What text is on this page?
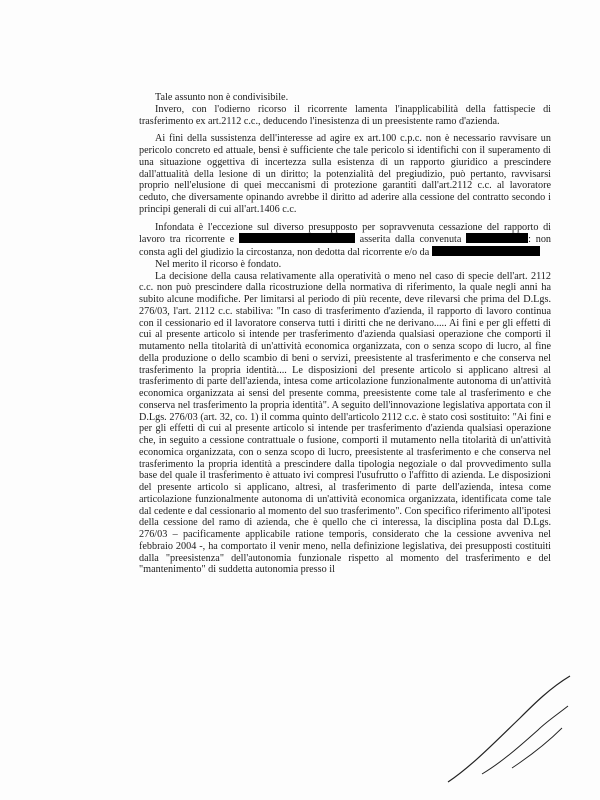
Tale assunto non è condivisibile.

Invero, con l'odierno ricorso il ricorrente lamenta l'inapplicabilità della fattispecie di trasferimento ex art.2112 c.c., deducendo l'inesistenza di un preesistente ramo d'azienda.

Ai fini della sussistenza dell'interesse ad agire ex art.100 c.p.c. non è necessario ravvisare un pericolo concreto ed attuale, bensì è sufficiente che tale pericolo si identifichi con il superamento di una situazione oggettiva di incertezza sulla esistenza di un rapporto giuridico a prescindere dall'attualità della lesione di un diritto; la potenzialità del pregiudizio, può pertanto, ravvisarsi proprio nell'elusione di quei meccanismi di protezione garantiti dall'art.2112 c.c. al lavoratore ceduto, che diversamente opinando avrebbe il diritto ad aderire alla cessione del contratto secondo i principi generali di cui all'art.1406 c.c.

Infondata è l'eccezione sul diverso presupposto per sopravvenuta cessazione del rapporto di lavoro tra ricorrente e	asserita dalla convenuta	: non consta agli del giudizio la circostanza, non dedotta dal ricorrente e/o da

Nel merito il ricorso è fondato.

La decisione della causa relativamente alla operatività o meno nel caso di specie dell'art. 2112 c.c. non può prescindere dalla ricostruzione della normativa di riferimento, la quale negli anni ha subito alcune modifiche. Per limitarsi al periodo di più recente, deve rilevarsi che prima del D.Lgs. 276/03, l'art. 2112 c.c. stabiliva: "In caso di trasferimento d'azienda, il rapporto di lavoro continua con il cessionario ed il lavoratore conserva tutti i diritti che ne derivano..... Ai fini e per gli effetti di cui al presente articolo si intende per trasferimento d'azienda qualsiasi operazione che comporti il mutamento nella titolarità di un'attività economica organizzata, con o senza scopo di lucro, al fine della produzione o dello scambio di beni o servizi, preesistente al trasferimento e che conserva nel trasferimento la propria identità.... Le disposizioni del presente articolo si applicano altresì al trasferimento di parte dell'azienda, intesa come articolazione funzionalmente autonoma di un'attività economica organizzata ai sensi del presente comma, preesistente come tale al trasferimento e che conserva nel trasferimento la propria identità". A seguito dell'innovazione legislativa apportata con il D.Lgs. 276/03 (art. 32, co. 1) il comma quinto dell'articolo 2112 c.c. è stato così sostituito: "Ai fini e per gli effetti di cui al presente articolo si intende per trasferimento d'azienda qualsiasi operazione che, in seguito a cessione contrattuale o fusione, comporti il mutamento nella titolarità di un'attività economica organizzata, con o senza scopo di lucro, preesistente al trasferimento e che conserva nel trasferimento la propria identità a prescindere dalla tipologia negoziale o dal provvedimento sulla base del quale il trasferimento è attuato ivi compresi l'usufrutto o l'affitto di azienda. Le disposizioni del presente articolo si applicano, altresì, al trasferimento di parte dell'azienda, intesa come articolazione funzionalmente autonoma di un'attività economica organizzata, identificata come tale dal cedente e dal cessionario al momento del suo trasferimento". Con specifico riferimento all'ipotesi della cessione del ramo di azienda, che è quello che ci interessa, la disciplina posta dal D.Lgs. 276/03 – pacificamente applicabile ratione temporis, considerato che la cessione avveniva nel febbraio 2004 -, ha comportato il venir meno, nella definizione legislativa, dei presupposti costituiti dalla "preesistenza" dell'autonomia funzionale rispetto al momento del trasferimento e del "mantenimento" di suddetta autonomia presso il
